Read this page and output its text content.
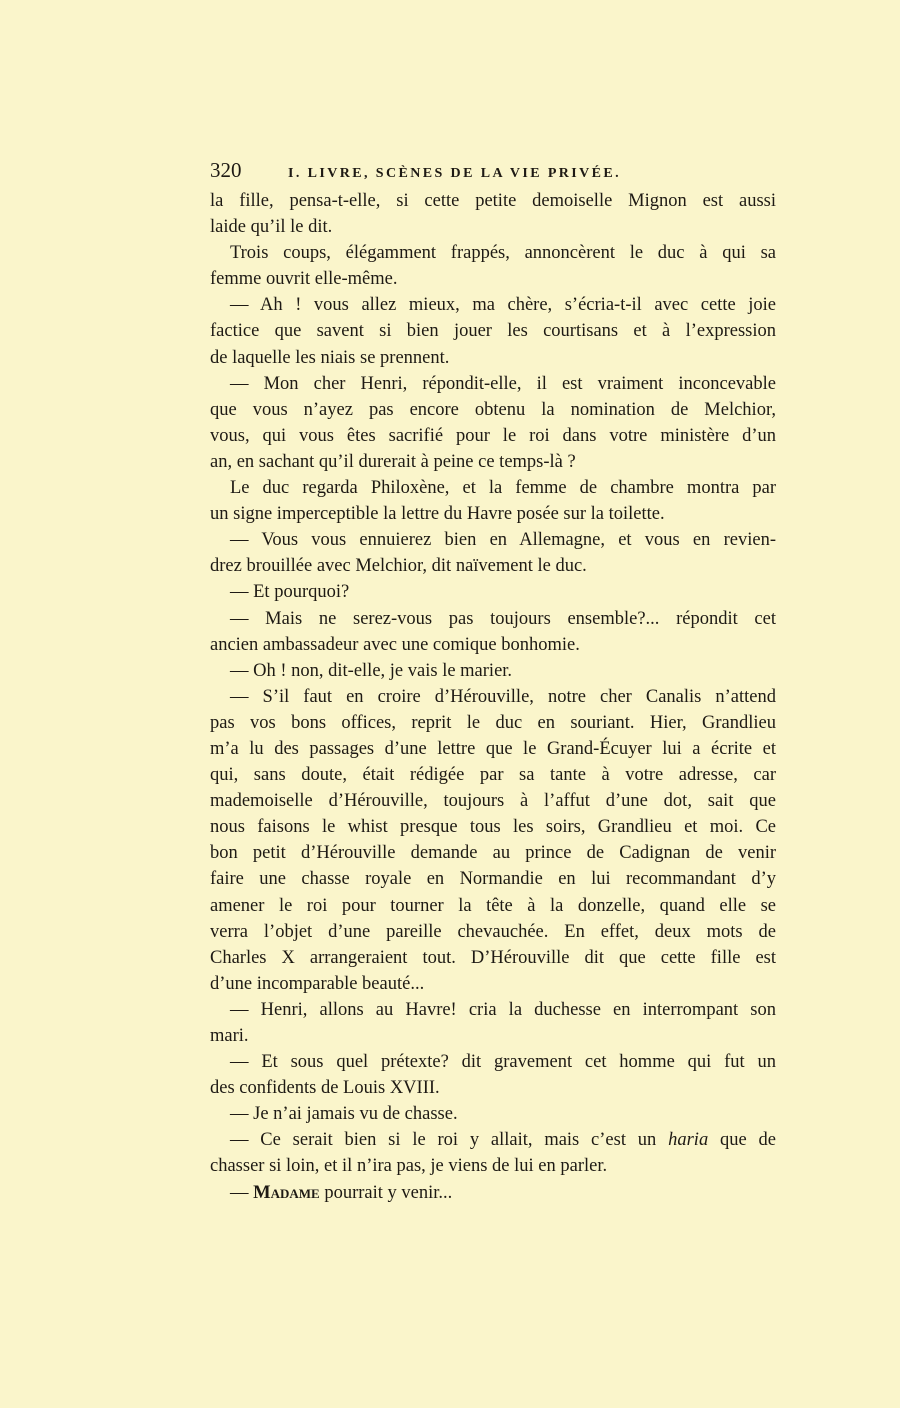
320	I. LIVRE, SCÈNES DE LA VIE PRIVÉE.
la fille, pensa-t-elle, si cette petite demoiselle Mignon est aussi
laide qu’il le dit.
Trois coups, élégamment frappés, annoncèrent le duc à qui sa
femme ouvrit elle-même.
— Ah ! vous allez mieux, ma chère, s’écria-t-il avec cette joie
factice que savent si bien jouer les courtisans et à l’expression
de laquelle les niais se prennent.
— Mon cher Henri, répondit-elle, il est vraiment inconcevable
que vous n’ayez pas encore obtenu la nomination de Melchior,
vous, qui vous êtes sacrifié pour le roi dans votre ministère d’un
an, en sachant qu’il durerait à peine ce temps-là ?
Le duc regarda Philoxène, et la femme de chambre montra par
un signe imperceptible la lettre du Havre posée sur la toilette.
— Vous vous ennuierez bien en Allemagne, et vous en revien-
drez brouillée avec Melchior, dit naïvement le duc.
— Et pourquoi?
— Mais ne serez-vous pas toujours ensemble?... répondit cet
ancien ambassadeur avec une comique bonhomie.
— Oh ! non, dit-elle, je vais le marier.
— S’il faut en croire d’Hérouville, notre cher Canalis n’attend
pas vos bons offices, reprit le duc en souriant. Hier, Grandlieu
m’a lu des passages d’une lettre que le Grand-Écuyer lui a écrite et
qui, sans doute, était rédigée par sa tante à votre adresse, car
mademoiselle d’Hérouville, toujours à l’affut d’une dot, sait que
nous faisons le whist presque tous les soirs, Grandlieu et moi. Ce
bon petit d’Hérouville demande au prince de Cadignan de venir
faire une chasse royale en Normandie en lui recommandant d’y
amener le roi pour tourner la tête à la donzelle, quand elle se
verra l’objet d’une pareille chevauchée. En effet, deux mots de
Charles X arrangeraient tout. D’Hérouville dit que cette fille est
d’une incomparable beauté...
— Henri, allons au Havre! cria la duchesse en interrompant son
mari.
— Et sous quel prétexte? dit gravement cet homme qui fut un
des confidents de Louis XVIII.
— Je n’ai jamais vu de chasse.
— Ce serait bien si le roi y allait, mais c’est un haria que de
chasser si loin, et il n’ira pas, je viens de lui en parler.
— Madame pourrait y venir...
